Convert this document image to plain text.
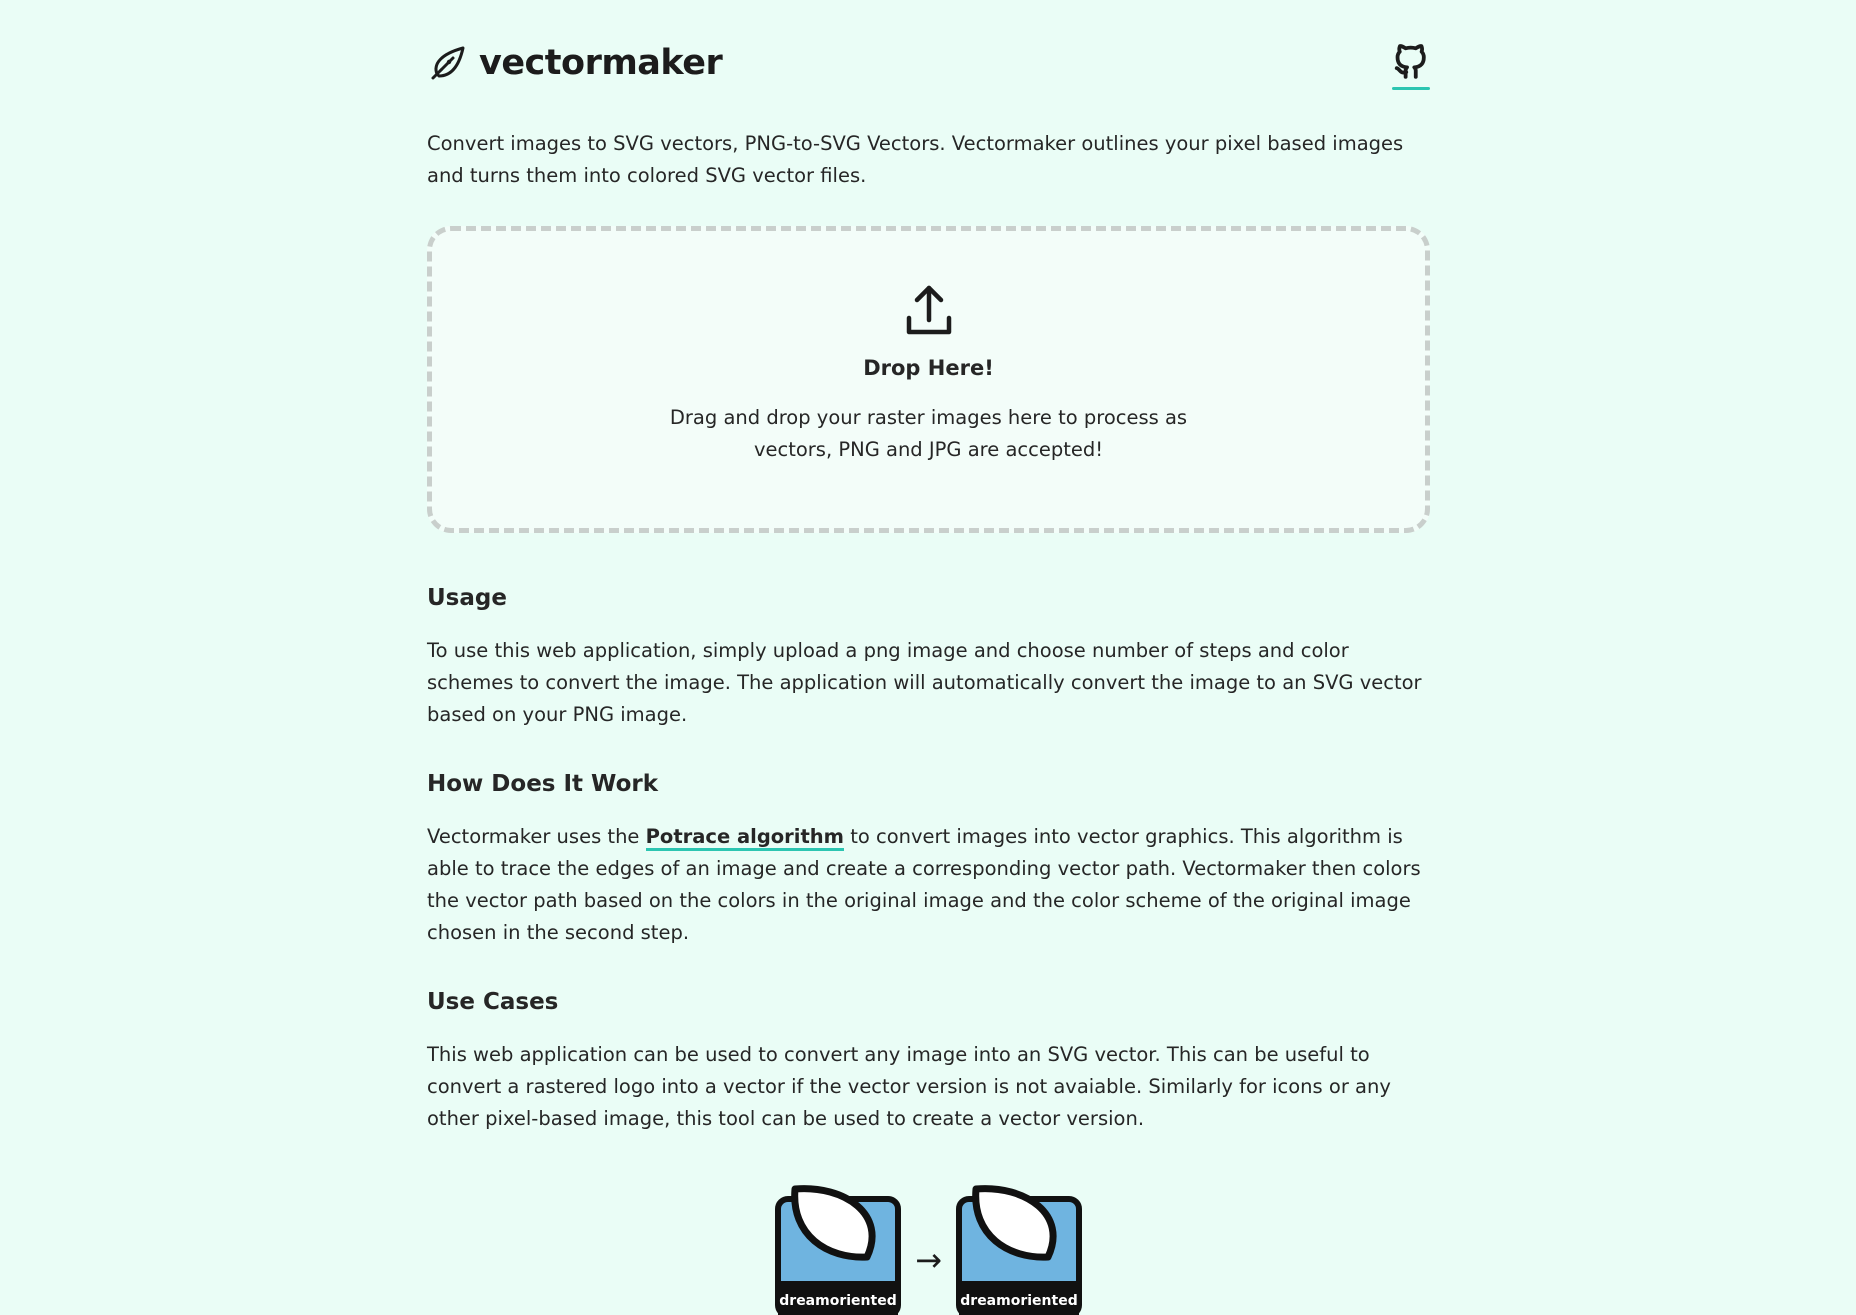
vectormaker

Convert images to SVG vectors, PNG-to-SVG Vectors. Vectormaker outlines your pixel based images and turns them into colored SVG vector files.

Drop Here!
Drag and drop your raster images here to process as vectors, PNG and JPG are accepted!
Usage

To use this web application, simply upload a png image and choose number of steps and color schemes to convert the image. The application will automatically convert the image to an SVG vector based on your PNG image.

How Does It Work

Vectormaker uses the Potrace algorithm to convert images into vector graphics. This algorithm is able to trace the edges of an image and create a corresponding vector path. Vectormaker then colors the vector path based on the colors in the original image and the color scheme of the original image chosen in the second step.

Use Cases

This web application can be used to convert any image into an SVG vector. This can be useful to convert a rastered logo into a vector if the vector version is not avaiable. Similarly for icons or any other pixel-based image, this tool can be used to create a vector version.

dreamoriented
→
dreamoriented
